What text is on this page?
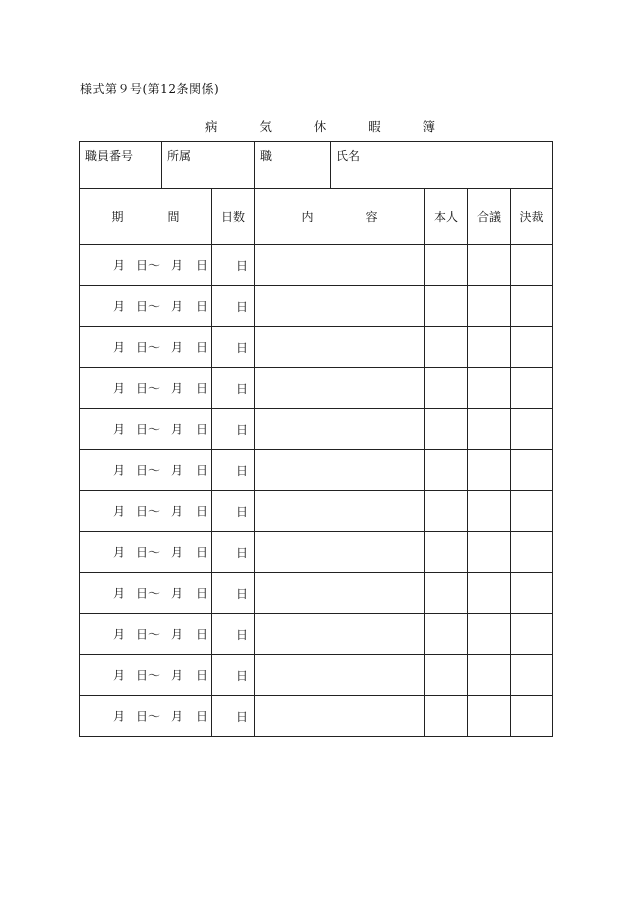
様式第９号(第12条関係)
病	気	休	暇	簿
職員番号	所属		職	氏名			

期 間		日数	内 容		本人	合議	決裁

月 日～ 月 日		日					

月 日～ 月 日		日					

月 日～ 月 日		日					

月 日～ 月 日		日					

月 日～ 月 日		日					

月 日～ 月 日		日					

月 日～ 月 日		日					

月 日～ 月 日		日					

月 日～ 月 日		日					

月 日～ 月 日		日					

月 日～ 月 日		日					

月 日～ 月 日		日					
